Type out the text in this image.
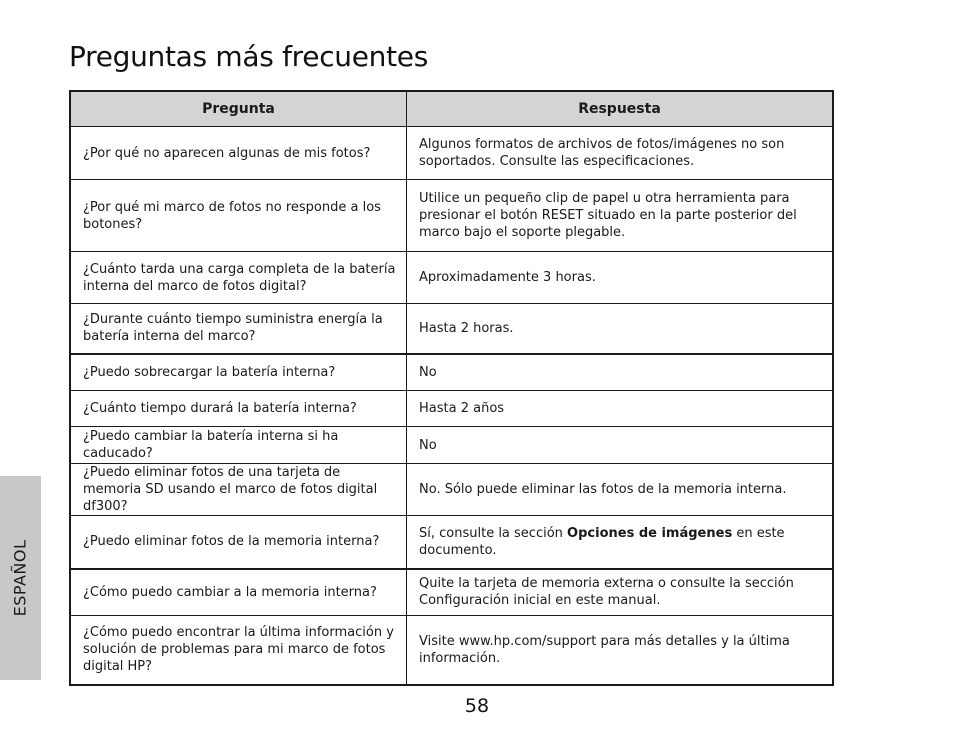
Preguntas más frecuentes
Pregunta	Respuesta
¿Por qué no aparecen algunas de mis fotos?	Algunos formatos de archivos de fotos/imágenes no son soportados. Consulte las especificaciones.
¿Por qué mi marco de fotos no responde a los botones?	Utilice un pequeño clip de papel u otra herramienta para presionar el botón RESET situado en la parte posterior del marco bajo el soporte plegable.
¿Cuánto tarda una carga completa de la batería interna del marco de fotos digital?	Aproximadamente 3 horas.
¿Durante cuánto tiempo suministra energía la batería interna del marco?	Hasta 2 horas.
¿Puedo sobrecargar la batería interna?	No
¿Cuánto tiempo durará la batería interna?	Hasta 2 años
¿Puedo cambiar la batería interna si ha caducado?	No
¿Puedo eliminar fotos de una tarjeta de memoria SD usando el marco de fotos digital df300?	No. Sólo puede eliminar las fotos de la memoria interna.
¿Puedo eliminar fotos de la memoria interna?	Sí, consulte la sección Opciones de imágenes en este documento.
¿Cómo puedo cambiar a la memoria interna?	Quite la tarjeta de memoria externa o consulte la sección Configuración inicial en este manual.
¿Cómo puedo encontrar la última información y solución de problemas para mi marco de fotos digital HP?	Visite www.hp.com/support para más detalles y la última información.
ESPAÑOL
58
